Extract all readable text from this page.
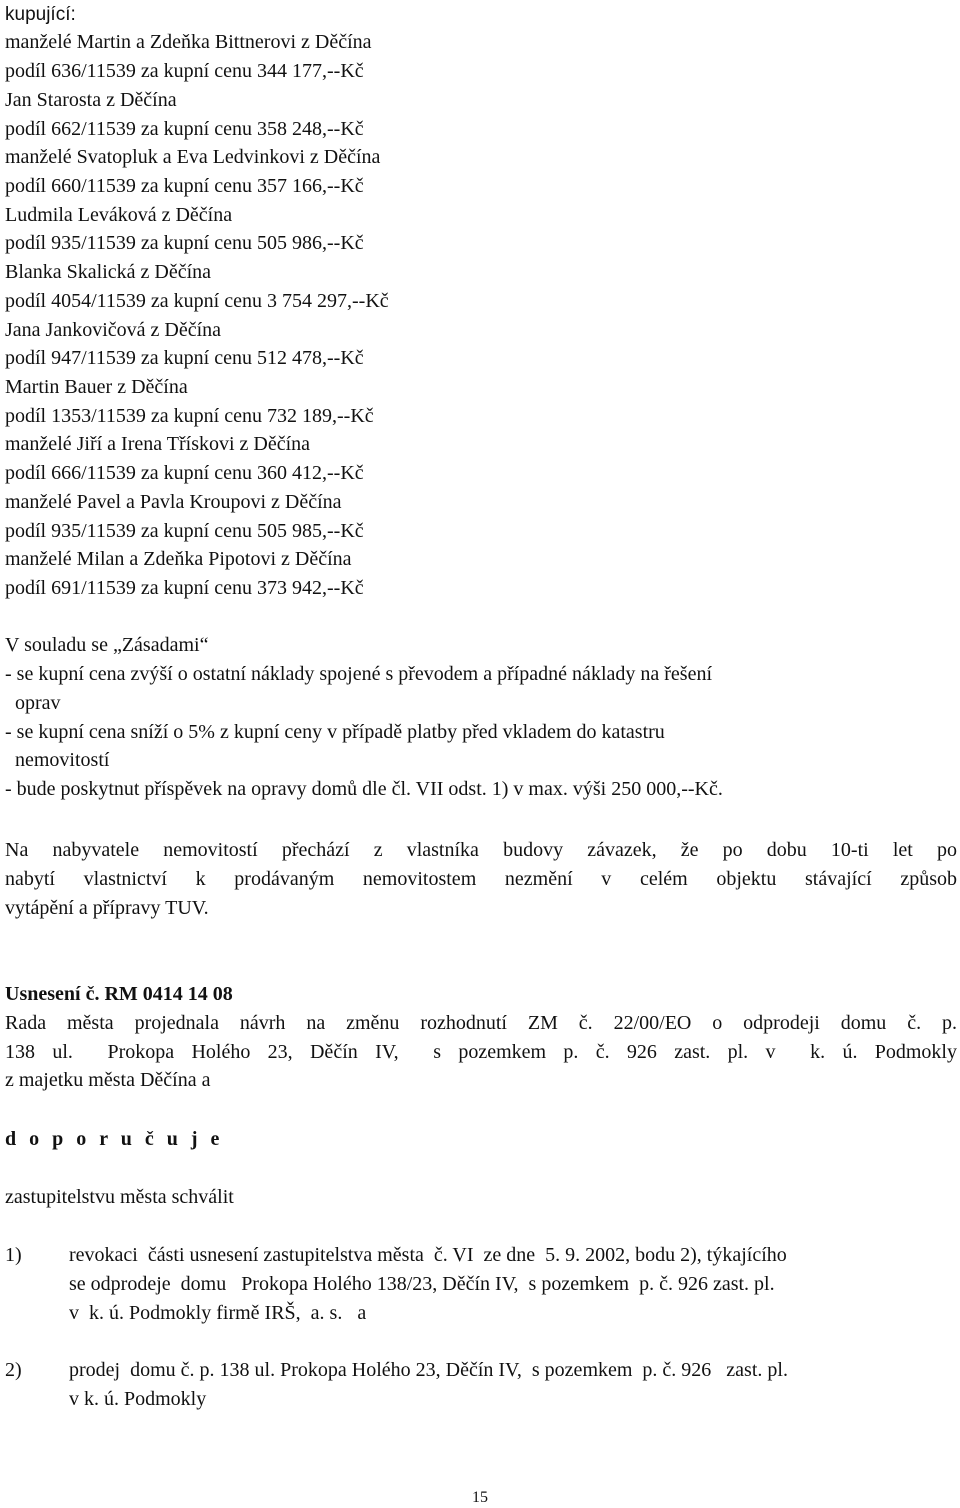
kupující:
manželé Martin a Zdeňka Bittnerovi z Děčína
podíl 636/11539 za kupní cenu 344 177,--Kč
Jan Starosta z Děčína
podíl 662/11539 za kupní cenu 358 248,--Kč
manželé Svatopluk a Eva Ledvinkovi z Děčína
podíl 660/11539 za kupní cenu 357 166,--Kč
Ludmila Leváková z Děčína
podíl 935/11539 za kupní cenu 505 986,--Kč
Blanka Skalická z Děčína
podíl 4054/11539 za kupní cenu 3 754 297,--Kč
Jana Jankovičová z Děčína
podíl 947/11539 za kupní cenu 512 478,--Kč
Martin Bauer z Děčína
podíl 1353/11539 za kupní cenu 732 189,--Kč
manželé Jiří a Irena Třískovi z Děčína
podíl 666/11539 za kupní cenu 360 412,--Kč
manželé Pavel a Pavla Kroupovi z Děčína
podíl 935/11539 za kupní cenu 505 985,--Kč
manželé Milan a Zdeňka Pipotovi z Děčína
podíl 691/11539 za kupní cenu 373 942,--Kč
V souladu se „Zásadami“
- se kupní cena zvýší o ostatní náklady spojené s převodem a případné náklady na řešení
oprav
- se kupní cena sníží o 5% z kupní ceny v případě platby před vkladem do katastru
nemovitostí
- bude poskytnut příspěvek na opravy domů dle čl. VII odst. 1) v max. výši 250 000,--Kč.
Na nabyvatele nemovitostí přechází z vlastníka budovy závazek, že po dobu 10-ti let po
nabytí vlastnictví k prodávaným nemovitostem nezmění v celém objektu stávající způsob
vytápění a přípravy TUV.
Usnesení č. RM 0414 14 08
Rada města projednala návrh na změnu rozhodnutí ZM č. 22/00/EO o odprodeji domu č. p.
138 ul.  Prokopa Holého 23, Děčín IV,  s pozemkem p. č. 926 zast. pl. v  k. ú. Podmokly
z majetku města Děčína a
d o p o r u č u j e
zastupitelstvu města schválit
1) revokaci  části usnesení zastupitelstva města  č. VI  ze dne  5. 9. 2002, bodu 2), týkajícího
se odprodeje  domu   Prokopa Holého 138/23, Děčín IV,  s pozemkem  p. č. 926 zast. pl.
v  k. ú. Podmokly firmě IRŠ,  a. s.   a
2) prodej  domu č. p. 138 ul. Prokopa Holého 23, Děčín IV,  s pozemkem  p. č. 926   zast. pl.
v k. ú. Podmokly
15
